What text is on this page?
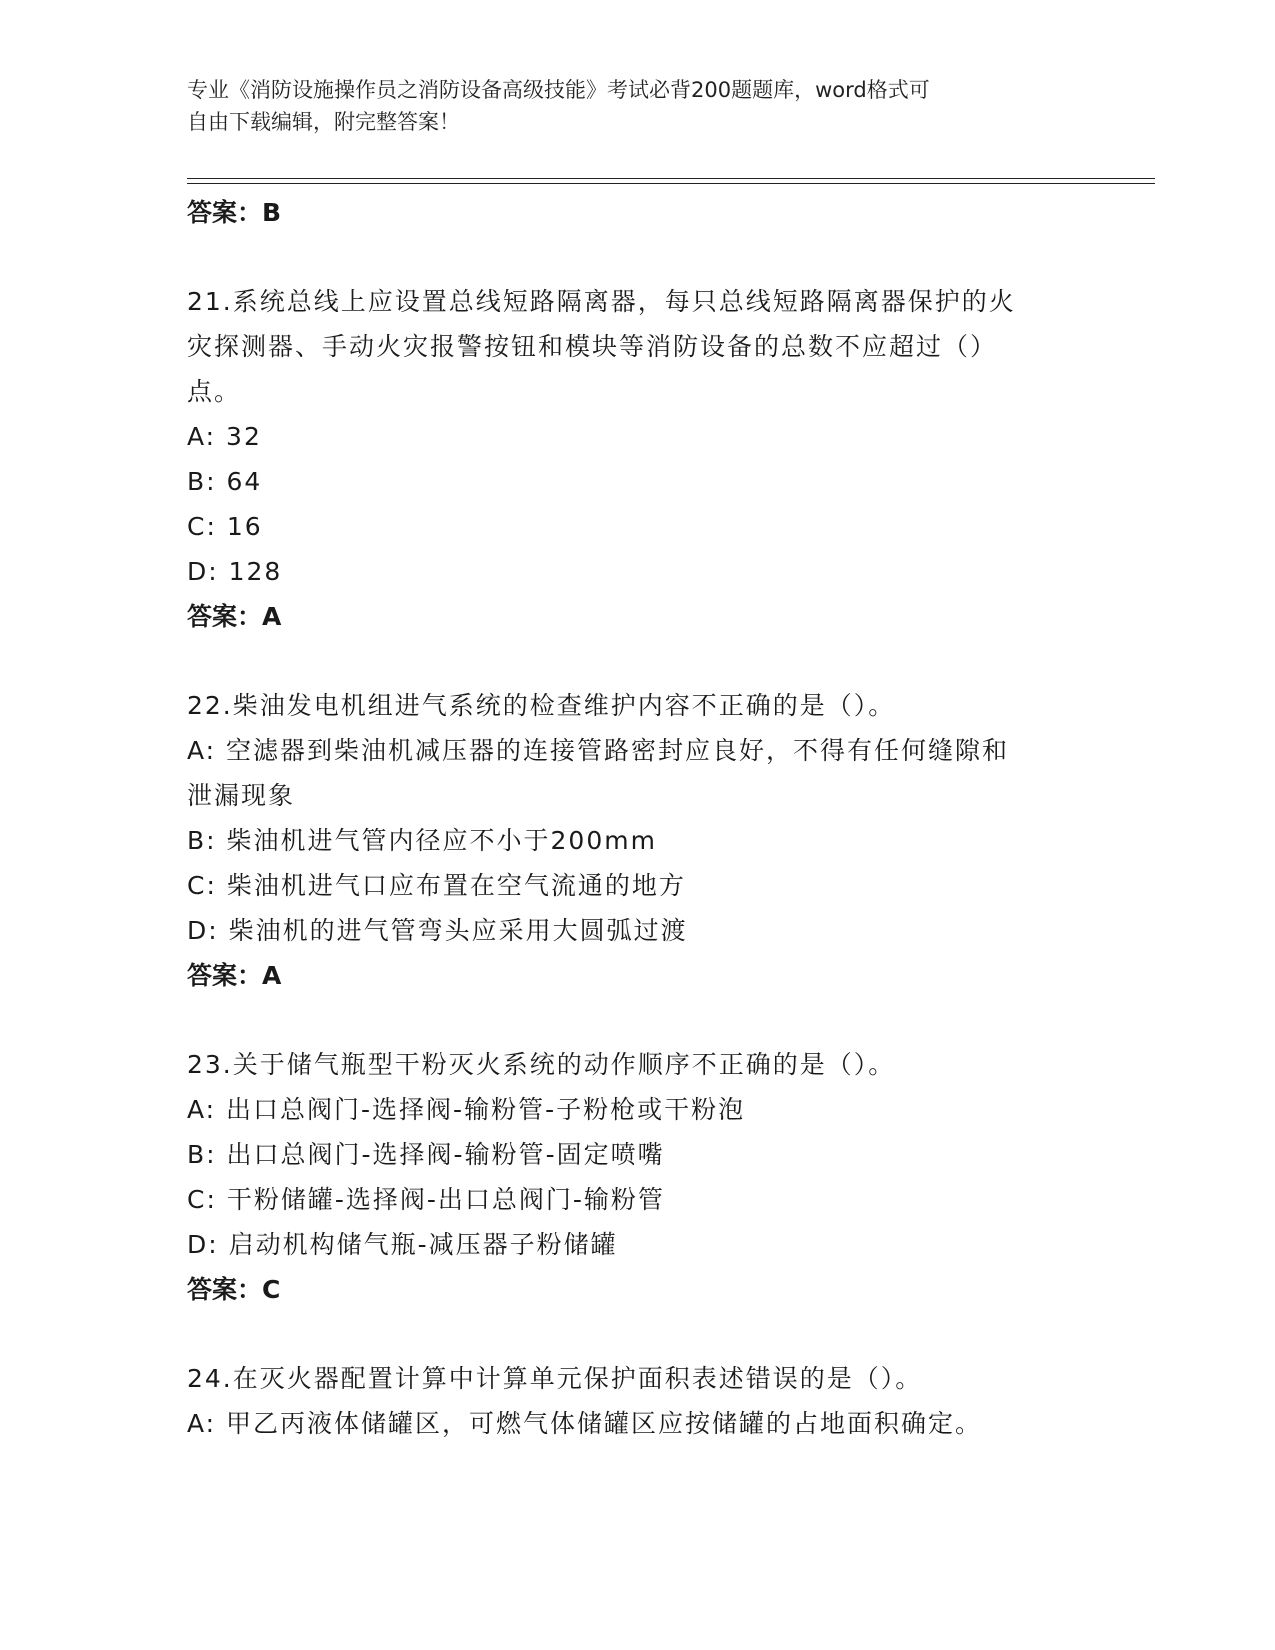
专业《消防设施操作员之消防设备高级技能》考试必背200题题库，word格式可
自由下载编辑，附完整答案！

答案：B

21.系统总线上应设置总线短路隔离器，每只总线短路隔离器保护的火

灾探测器、手动火灾报警按钮和模块等消防设备的总数不应超过（）

点。

A: 32

B: 64

C: 16

D: 128

答案：A

22.柴油发电机组进气系统的检查维护内容不正确的是（）。

A: 空滤器到柴油机减压器的连接管路密封应良好，不得有任何缝隙和

泄漏现象

B: 柴油机进气管内径应不小于200mm

C: 柴油机进气口应布置在空气流通的地方

D: 柴油机的进气管弯头应采用大圆弧过渡

答案：A

23.关于储气瓶型干粉灭火系统的动作顺序不正确的是（）。

A: 出口总阀门-选择阀-输粉管-子粉枪或干粉泡

B: 出口总阀门-选择阀-输粉管-固定喷嘴

C: 干粉储罐-选择阀-出口总阀门-输粉管

D: 启动机构储气瓶-减压器子粉储罐

答案：C

24.在灭火器配置计算中计算单元保护面积表述错误的是（）。

A: 甲乙丙液体储罐区，可燃气体储罐区应按储罐的占地面积确定。
